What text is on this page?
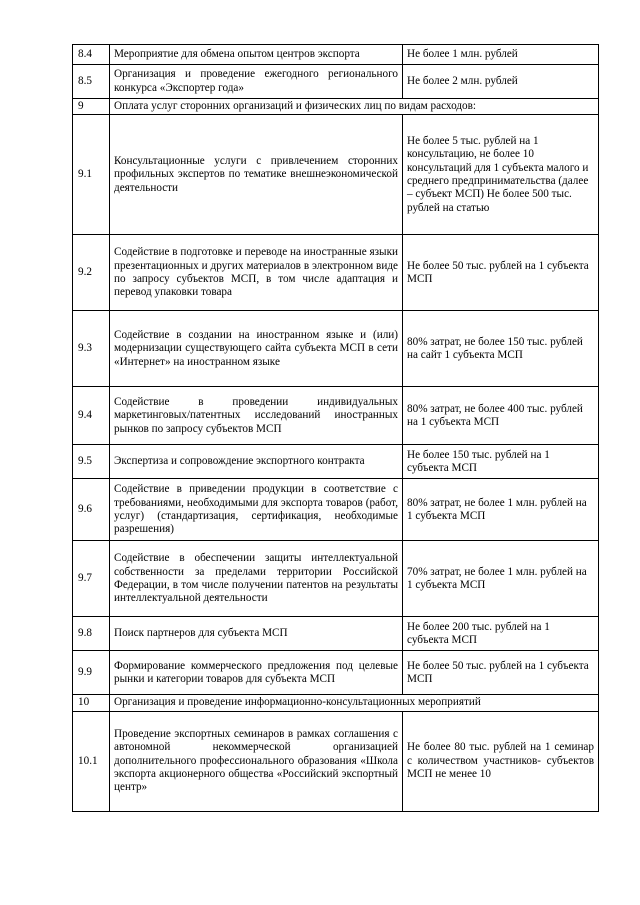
8.4	Мероприятие для обмена опытом центров экспорта	Не более 1 млн. рублей
8.5	Организация и проведение ежегодного регионального конкурса «Экспортер года»	Не более 2 млн. рублей
9	Оплата услуг сторонних организаций и физических лиц по видам расходов:	
9.1	Консультационные услуги с привлечением сторонних профильных экспертов по тематике внешнеэкономической деятельности	Не более 5 тыс. рублей на 1 консультацию, не более 10 консультаций для 1 субъекта малого и среднего предпринимательства (далее – субъект МСП) Не более 500 тыс. рублей на статью
9.2	Содействие в подготовке и переводе на иностранные языки презентационных и других материалов в электронном виде по запросу субъектов МСП, в том числе адаптация и перевод упаковки товара	Не более 50 тыс. рублей на 1 субъекта МСП
9.3	Содействие в создании на иностранном языке и (или) модернизации существующего сайта субъекта МСП в сети «Интернет» на иностранном языке	80% затрат, не более 150 тыс. рублей на сайт 1 субъекта МСП
9.4	Содействие в проведении индивидуальных маркетинговых/патентных исследований иностранных рынков по запросу субъектов МСП	80% затрат, не более 400 тыс. рублей на 1 субъекта МСП
9.5	Экспертиза и сопровождение экспортного контракта	Не более 150 тыс. рублей на 1 субъекта МСП
9.6	Содействие в приведении продукции в соответствие с требованиями, необходимыми для экспорта товаров (работ, услуг) (стандартизация, сертификация, необходимые разрешения)	80% затрат, не более 1 млн. рублей на 1 субъекта МСП
9.7	Содействие в обеспечении защиты интеллектуальной собственности за пределами территории Российской Федерации, в том числе получении патентов на результаты интеллектуальной деятельности	70% затрат, не более 1 млн. рублей на 1 субъекта МСП
9.8	Поиск партнеров для субъекта МСП	Не более 200 тыс. рублей на 1 субъекта МСП
9.9	Формирование коммерческого предложения под целевые рынки и категории товаров для субъекта МСП	Не более 50 тыс. рублей на 1 субъекта МСП
10	Организация и проведение информационно-консультационных мероприятий	
10.1	Проведение экспортных семинаров в рамках соглашения с автономной некоммерческой организацией дополнительного профессионального образования «Школа экспорта акционерного общества «Российский экспортный центр»	Не более 80 тыс. рублей на 1 семинар с количеством участников- субъектов МСП не менее 10
